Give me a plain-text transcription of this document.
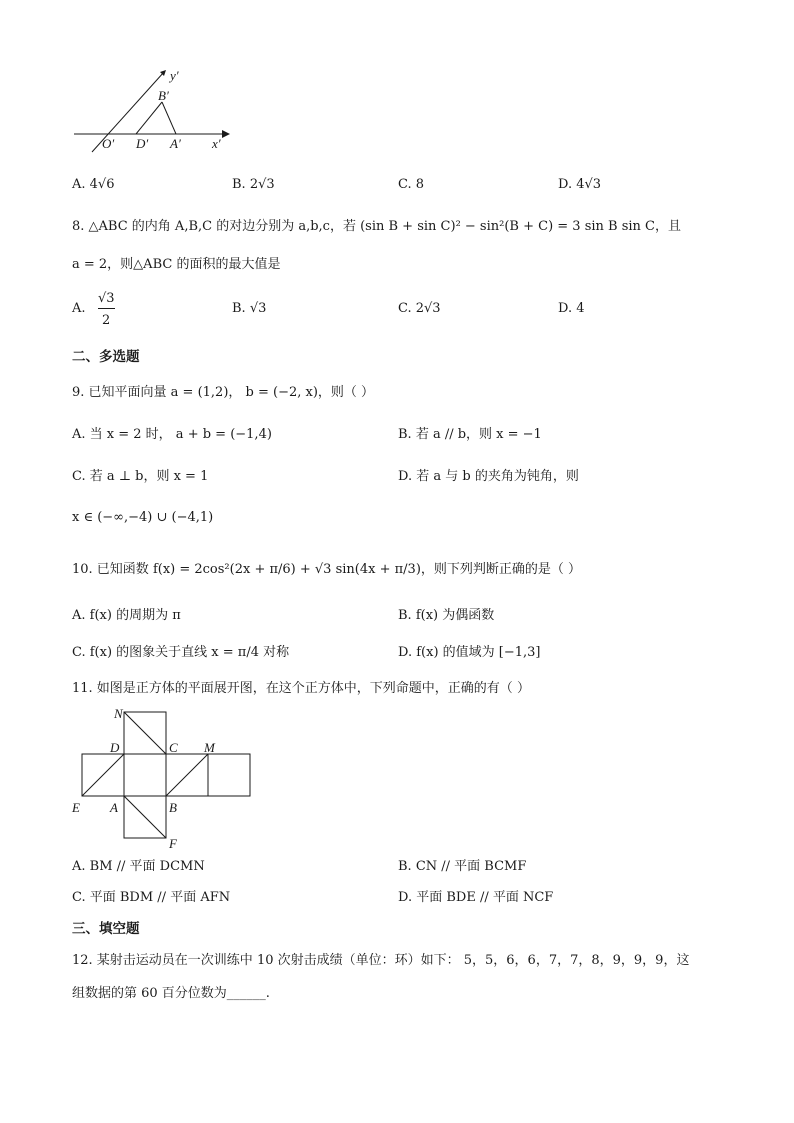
y′
B′
O′ D′ A′ x′
A. 4√6	B. 2√3	C. 8	D. 4√3
8. △ABC 的内角 A,B,C 的对边分别为 a,b,c，若 (sin B + sin C)² − sin²(B + C) = 3 sin B sin C，且
a = 2，则△ABC 的面积的最大值是
A.
√3
2
B. √3	C. 2√3	D. 4
二、多选题
9. 已知平面向量 a = (1,2)， b = (−2, x)，则（ ）
A. 当 x = 2 时， a + b = (−1,4)	B. 若 a // b，则 x = −1
C. 若 a ⊥ b，则 x = 1	D. 若 a 与 b 的夹角为钝角，则
x ∈ (−∞,−4) ∪ (−4,1)
10. 已知函数 f(x) = 2cos²(2x + π/6) + √3 sin(4x + π/3)，则下列判断正确的是（ ）
A. f(x) 的周期为 π	B. f(x) 为偶函数
C. f(x) 的图象关于直线 x = π/4 对称	D. f(x) 的值域为 [−1,3]
11. 如图是正方体的平面展开图，在这个正方体中，下列命题中，正确的有（ ）
N
D	C M
E A	B
F
A. BM // 平面 DCMN	B. CN // 平面 BCMF
C. 平面 BDM // 平面 AFN	D. 平面 BDE // 平面 NCF
三、填空题
12. 某射击运动员在一次训练中 10 次射击成绩（单位：环）如下： 5，5，6，6，7，7，8，9，9，9，这
组数据的第 60 百分位数为______.
